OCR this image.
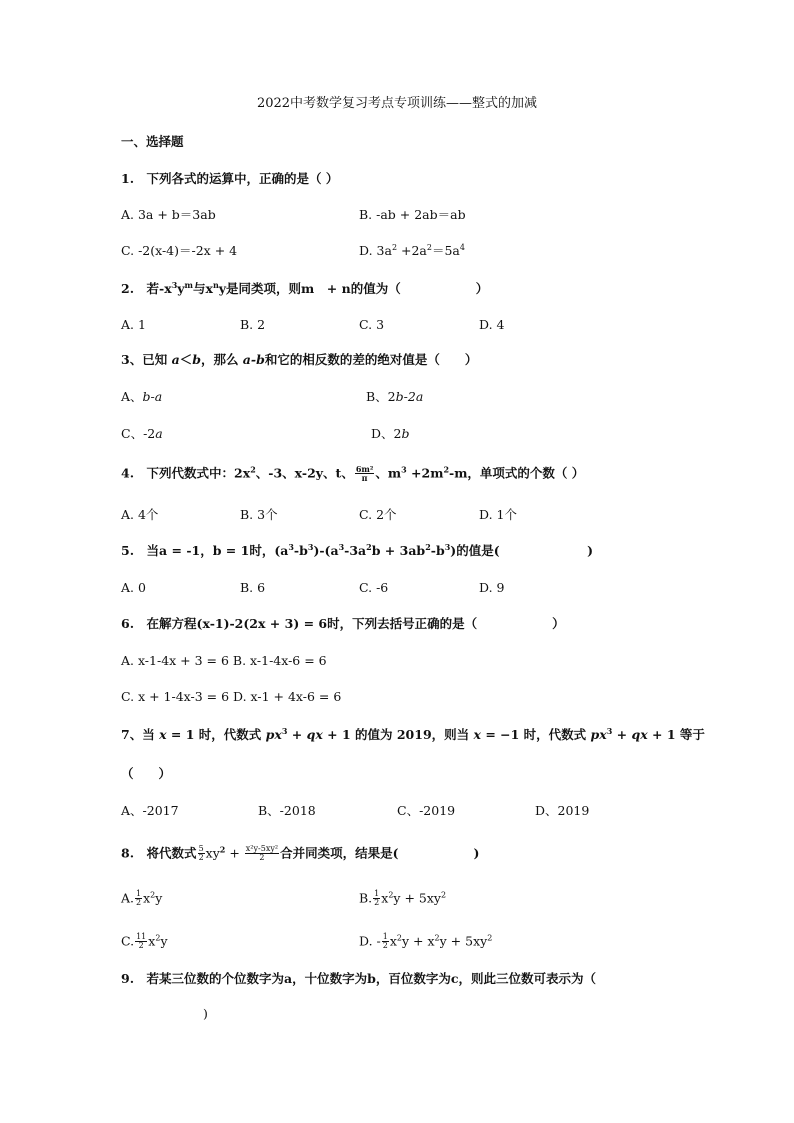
2022中考数学复习考点专项训练——整式的加减
一、选择题
1.　下列各式的运算中，正确的是（ ）
A. 3a + b＝3ab	B. -ab + 2ab＝ab
C. -2(x-4)＝-2x + 4	D. $3a^2 +2a^2=5a^4$
2.　若$-x^3y^m$与$x^ny$是同类项，则m　+ n的值为（　　　　　　）
A. 1	B. 2	C. 3	D. 4
3、已知 a＜b，那么 a-b和它的相反数的差的绝对值是（　　）
A、b-a	B、2b-2a
C、-2a	D、2b
4.　下列代数式中：$2x^2$、-3、x-2y、t、 $\frac{\text{6m²}}{\pi}$ 、$m^3 +2m^2-m$，单项式的个数（ ）
A. 4个	B. 3个	C. 2个	D. 1个
5.　当a = -1，b = 1时，$(a^3-b^3)-(a^3-3a^2b + 3ab^2-b^3)$的值是(　　　　　　　)
A. 0	B. 6	C. -6	D. 9
6.　在解方程(x-1)-2(2x + 3) = 6时，下列去括号正确的是（　　　　　　）
A. x-1-4x + 3 = 6 B. x-1-4x-6 = 6
C. x + 1-4x-3 = 6 D. x-1 + 4x-6 = 6
7、当 x = 1 时，代数式 $px^3$ + qx + 1 的值为 2019，则当 x = −1 时，代数式 $px^3$ + qx + 1 等于
（　　）
A、-2017	B、-2018	C、-2019	D、2019
8.　将代数式 $\frac{5}{2} xy^2 + \frac{\text{x²y-5xy²}}{2}$ 合并同类项，结果是(　　　　　　)
A. $\frac{1}{2} x^2y$	B. $\frac{1}{2} x^2y + 5xy^2$
C. $\frac{11}{2} x^2y$	D. - $\frac{1}{2} x^2y + x^2y + 5xy^2$
9.　若某三位数的个位数字为a，十位数字为b，百位数字为c，则此三位数可表示为（
)
